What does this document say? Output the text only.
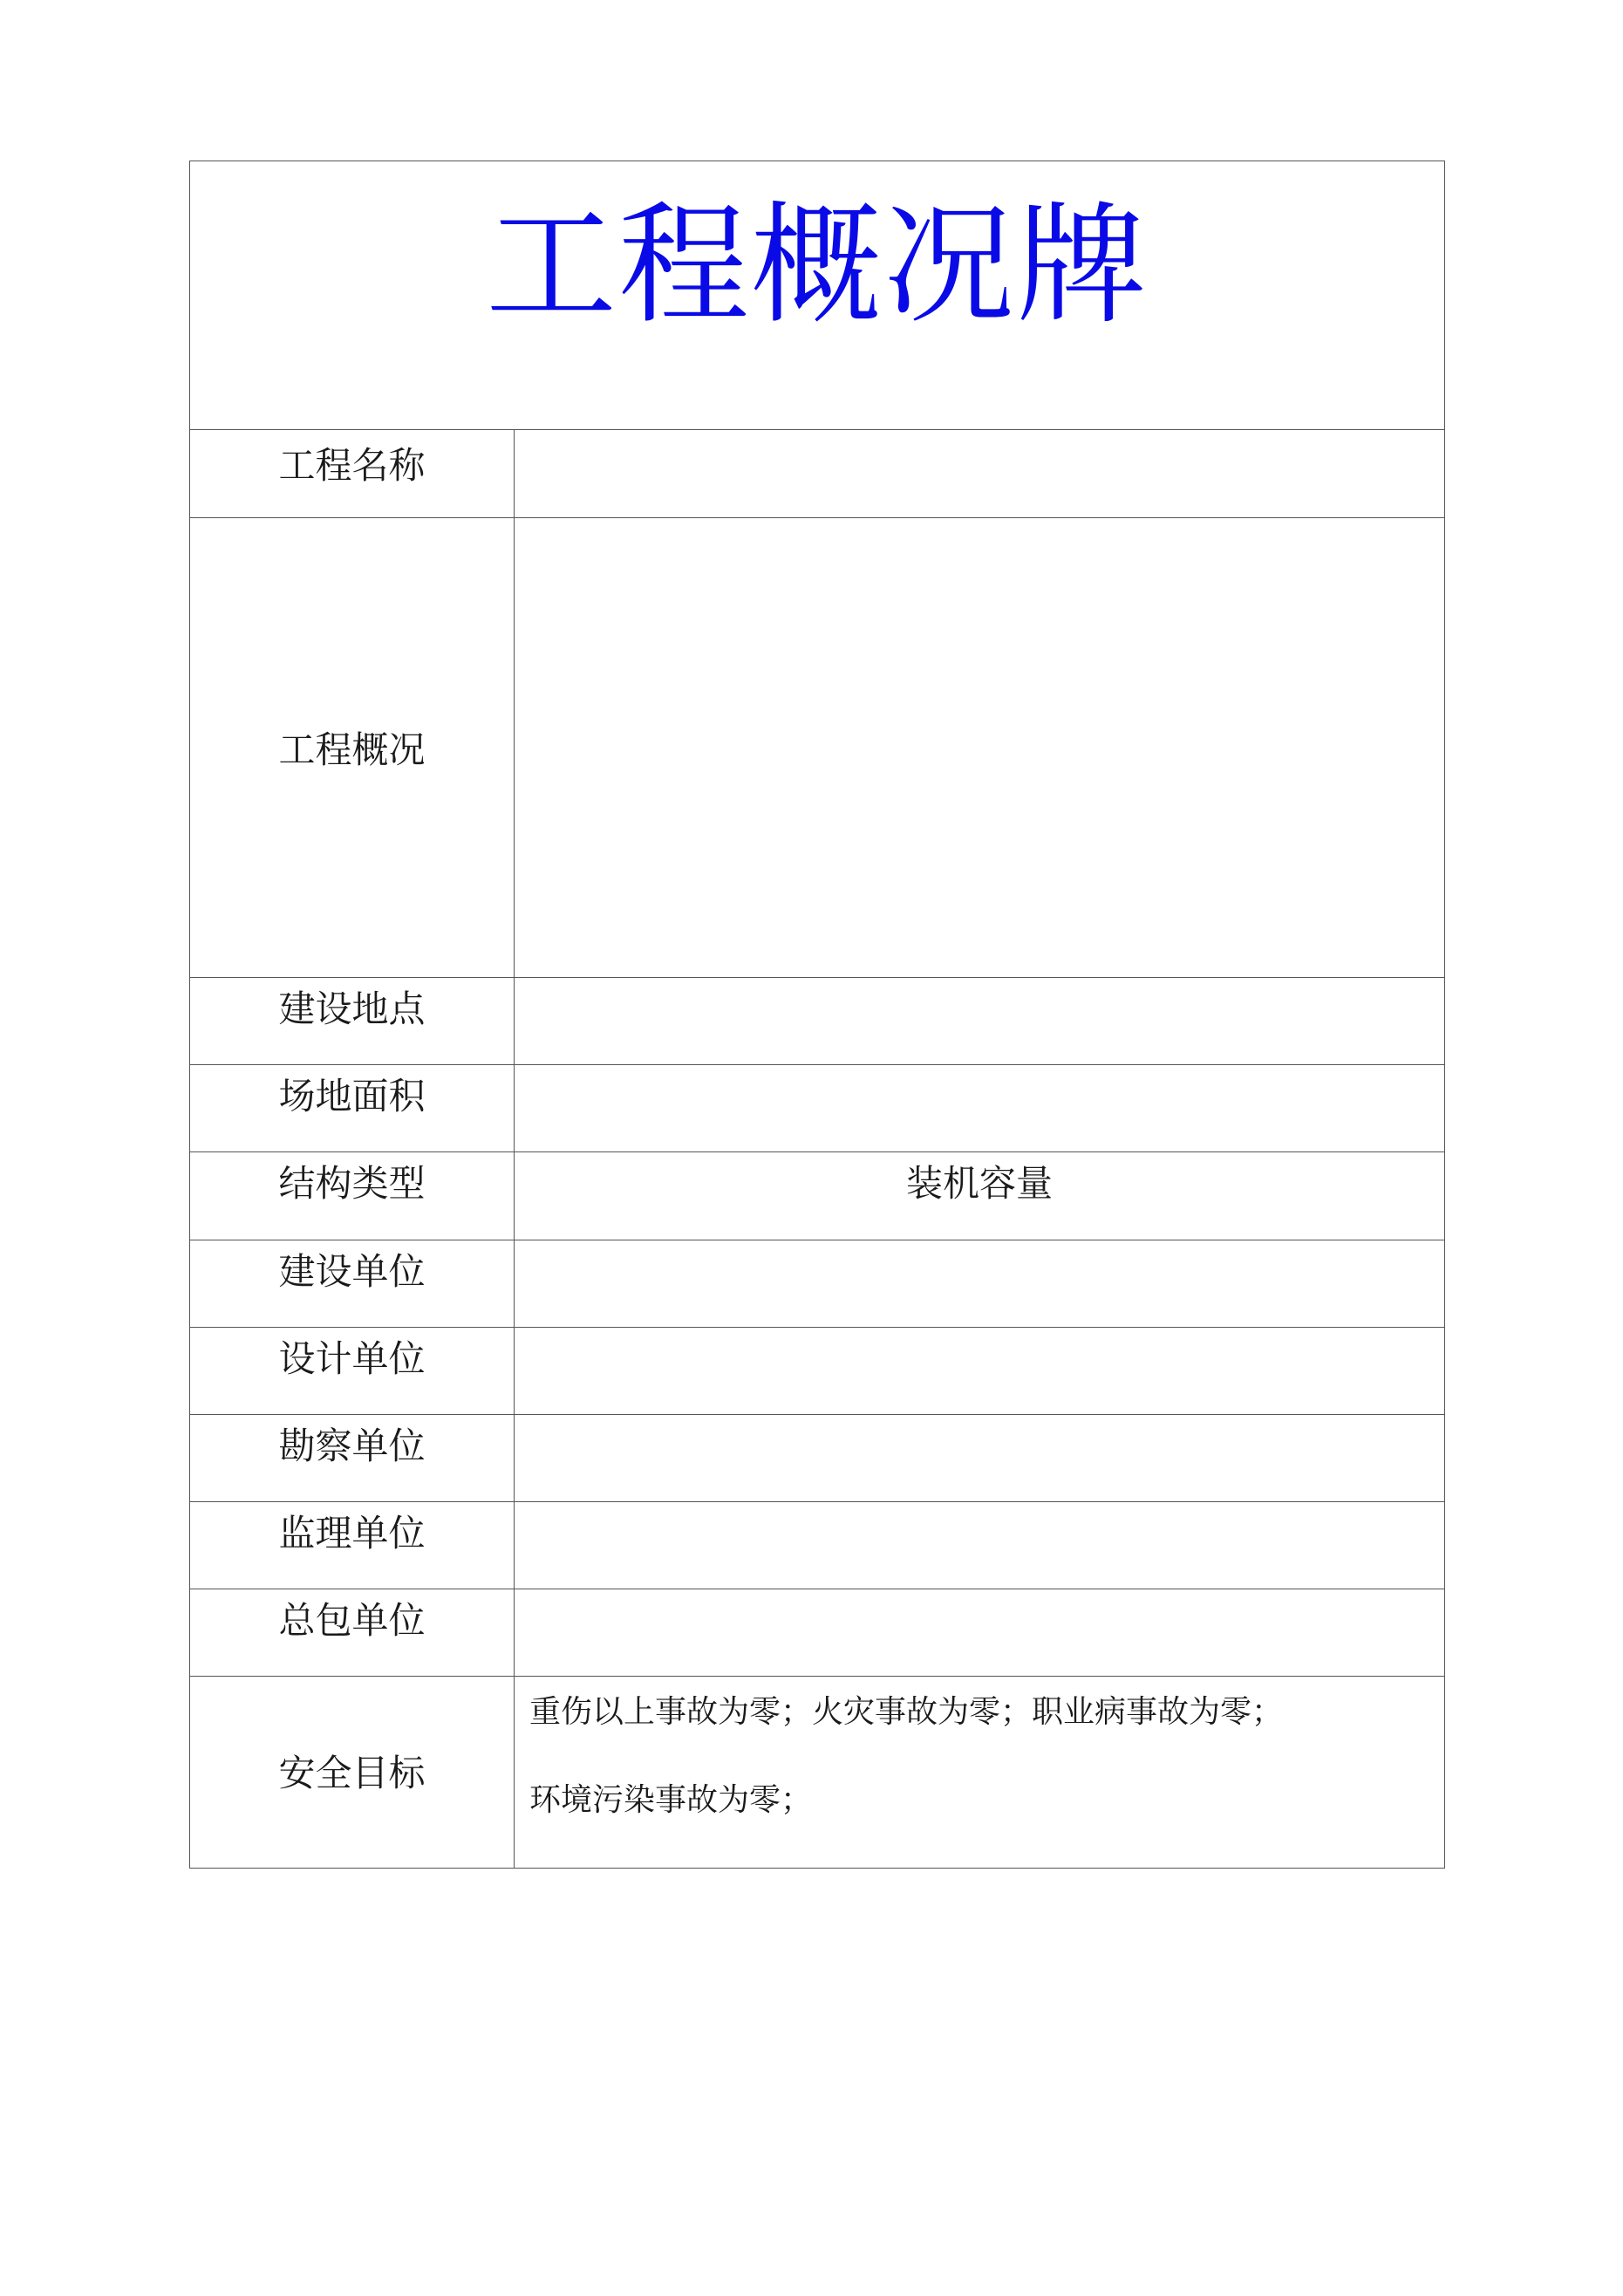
工程概况牌
工程名称
工程概况
建设地点
场地面积
结构类型	装机容量
建设单位
设计单位
勘察单位
监理单位
总包单位
安全目标
重伤以上事故为零；火灾事故为零；职业病事故为零；
环境污染事故为零；
